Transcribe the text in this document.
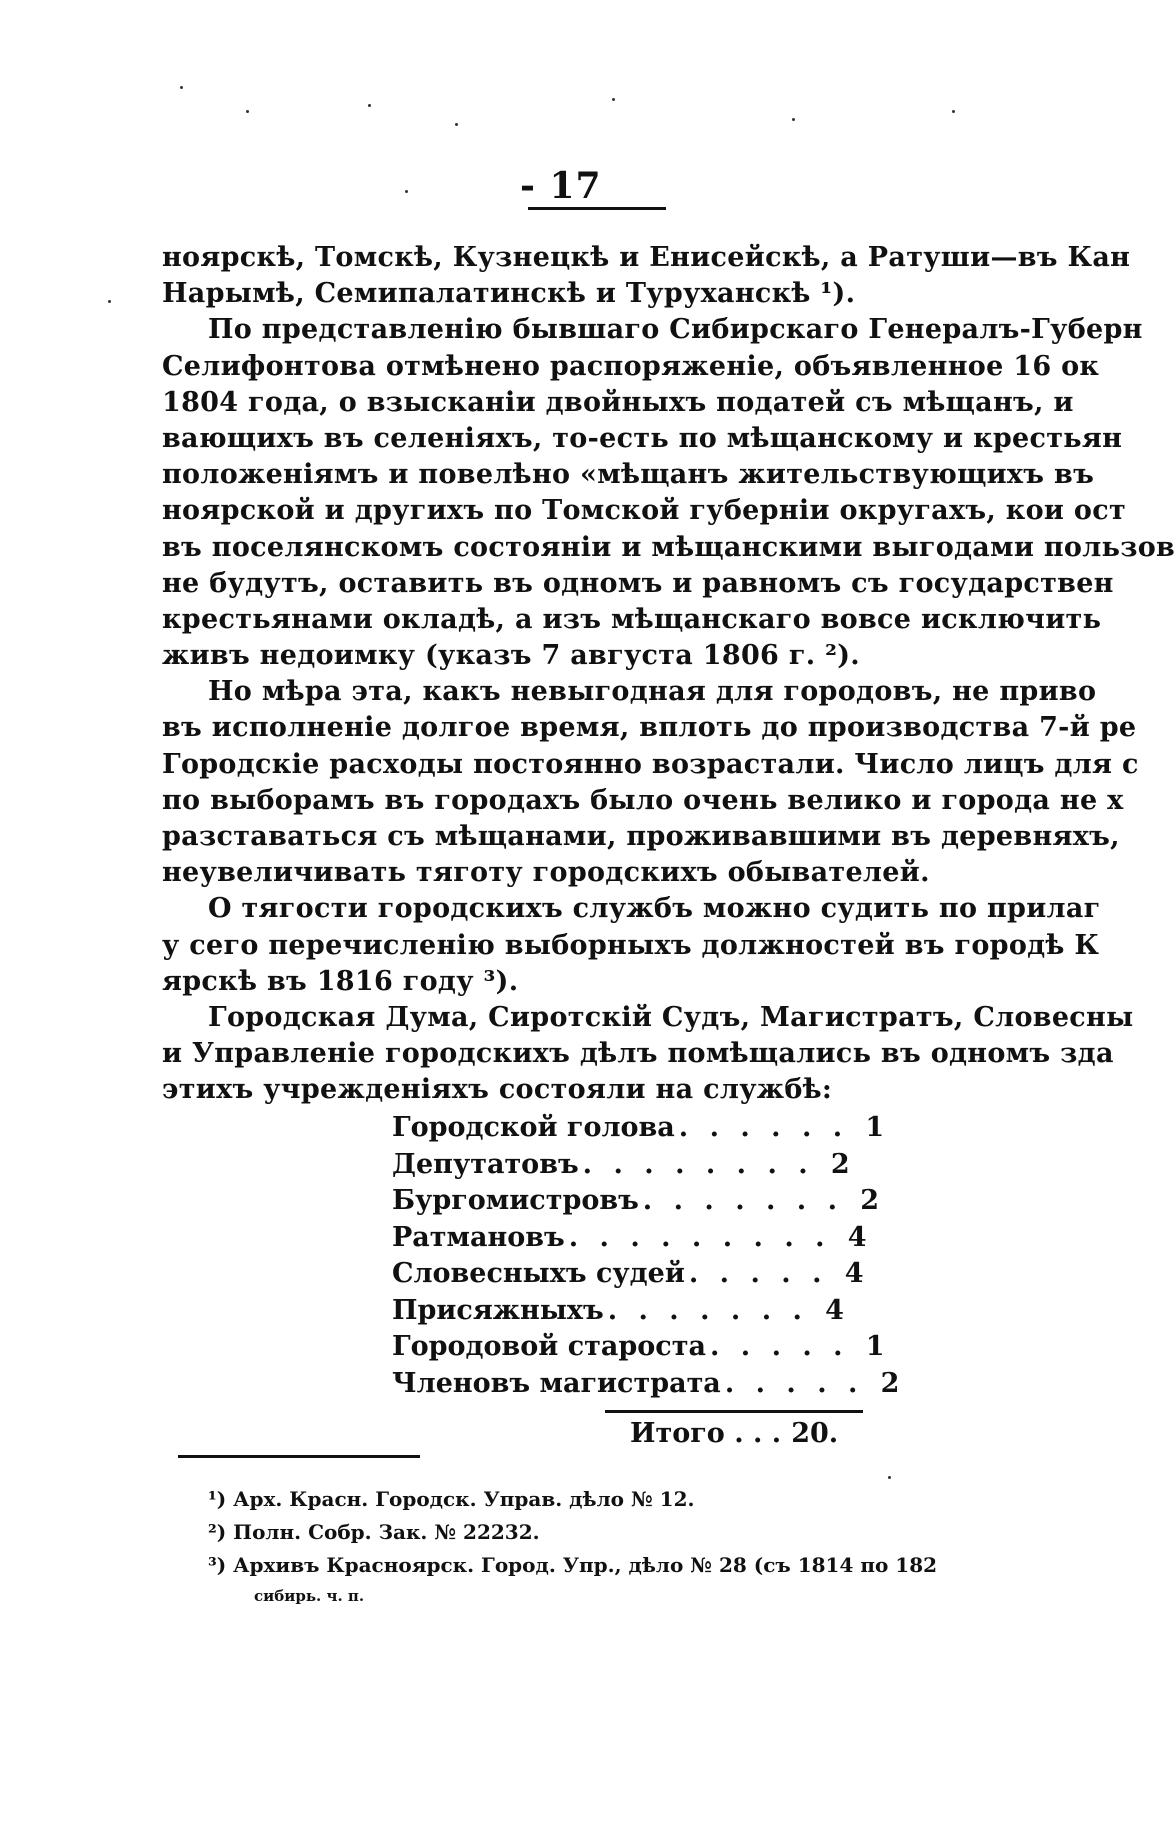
- 17
ноярскѣ, Томскѣ, Кузнецкѣ и Енисейскѣ, а Ратуши—въ Кан
Нарымѣ, Семипалатинскѣ и Туруханскѣ ¹).
По представленію бывшаго Сибирскаго Генералъ-Губерн
Селифонтова отмѣнено распоряженіе, объявленное 16 ок
1804 года, о взысканіи двойныхъ податей съ мѣщанъ, и
вающихъ въ селеніяхъ, то-есть по мѣщанскому и крестьян
положеніямъ и повелѣно «мѣщанъ жительствующихъ въ
ноярской и другихъ по Томской губерніи округахъ, кои ост
въ поселянскомъ состояніи и мѣщанскими выгодами пользов
не будутъ, оставить въ одномъ и равномъ съ государствен
крестьянами окладѣ, а изъ мѣщанскаго вовсе исключить
живъ недоимку (указъ 7 августа 1806 г. ²).
Но мѣра эта, какъ невыгодная для городовъ, не приво
въ исполненіе долгое время, вплоть до производства 7-й ре
Городскіе расходы постоянно возрастали. Число лицъ для с
по выборамъ въ городахъ было очень велико и города не х
разставаться съ мѣщанами, проживавшими въ деревняхъ,
неувеличивать тяготу городскихъ обывателей.
О тягости городскихъ службъ можно судить по прилаг
у сего перечисленію выборныхъ должностей въ городѣ К
ярскѣ въ 1816 году ³).
Городская Дума, Сиротскій Судъ, Магистратъ, Словесны
и Управленіе городскихъ дѣлъ помѣщались въ одномъ зда
этихъ учрежденіяхъ состояли на службѣ:
Городской голова . . . . . . 1
Депутатовъ . . . . . . . . 2
Бургомистровъ . . . . . . . 2
Ратмановъ . . . . . . . . . 4
Словесныхъ судей . . . . . 4
Присяжныхъ . . . . . . . 4
Городовой староста . . . . . 1
Членовъ магистрата . . . . . 2
Итого . . . 20.
¹) Арх. Красн. Городск. Управ. дѣло № 12.
²) Полн. Собр. Зак. № 22232.
³) Архивъ Красноярск. Город. Упр., дѣло № 28 (съ 1814 по 182
сибирь. ч. п.
